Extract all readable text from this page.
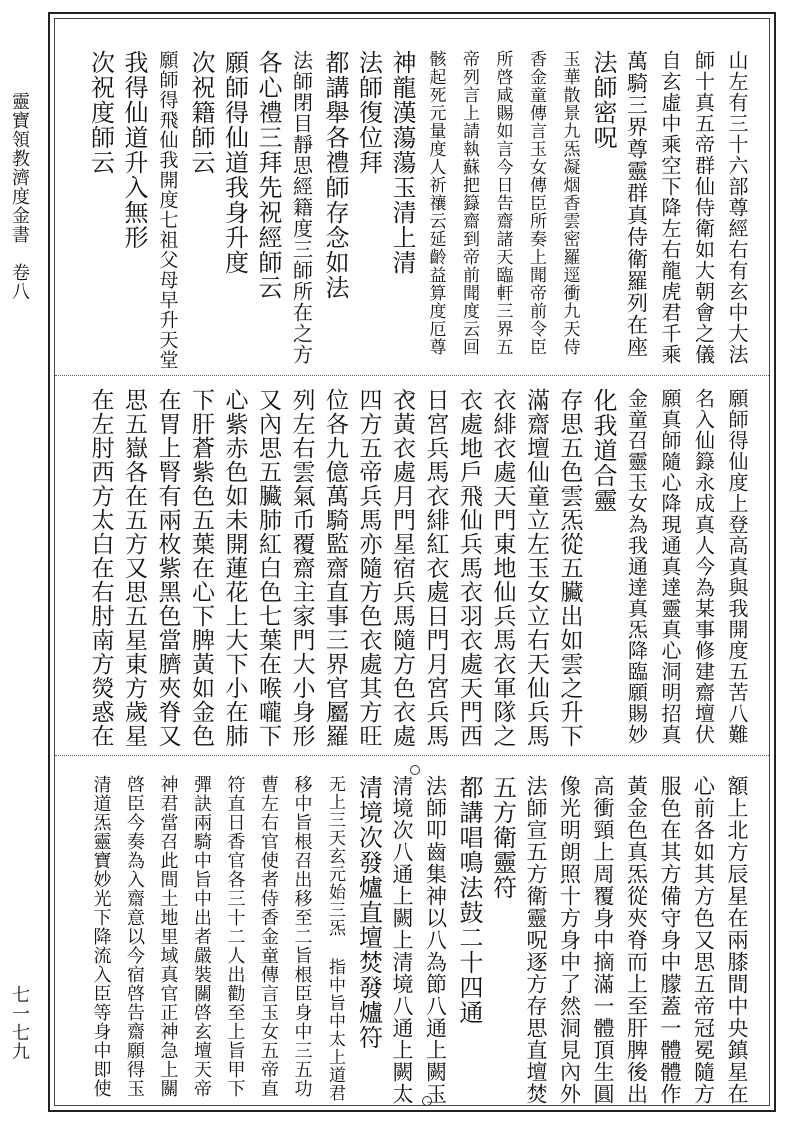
靈寶領教濟度金書　卷八
七一七九
山左有三十六部尊經右有玄中大法
師十真五帝群仙侍衛如大朝會之儀
自玄虛中乘空下降左右龍虎君千乘
萬騎三界尊靈群真侍衛羅列在座
法師密呪
玉華散景九炁凝烟香雲密羅逕衝九天侍
香金童傳言玉女傳臣所奏上聞帝前令臣
所啓咸賜如言今日告齋諸天臨軒三界五
帝列言上請執蘇把籙齋到帝前聞度云回
骸起死元量度人祈禳云延齡益算度厄尊
神龍漢蕩蕩玉清上清
法師復位拜
都講舉各禮師存念如法
法師閉目靜思經籍度三師所在之方
各心禮三拜先祝經師云
願師得仙道我身升度
次祝籍師云
願師得飛仙我開度七祖父母早升天堂
我得仙道升入無形
次祝度師云
願師得仙度上登高真與我開度五苦八難
名入仙籙永成真人今為某事修建齋壇伏
願真師隨心降現通真達靈真心洞明招真
金童召靈玉女為我通達真炁降臨願賜妙
化我道合靈
存思五色雲炁從五臟出如雲之升下
滿齋壇仙童立左玉女立右天仙兵馬
衣緋衣處天門東地仙兵馬衣軍隊之
衣處地戶飛仙兵馬衣羽衣處天門西
日宮兵馬衣緋紅衣處日門月宮兵馬
衣黃衣處月門星宿兵馬隨方色衣處
四方五帝兵馬亦隨方色衣處其方旺
位各九億萬騎監齋直事三界官屬羅
列左右雲氣币覆齋主家門大小身形
又內思五臟肺紅白色七葉在喉嚨下
心紫赤色如未開蓮花上大下小在肺
下肝蒼紫色五葉在心下脾黃如金色
在胃上腎有兩枚紫黑色當臍夾脊又
思五嶽各在五方又思五星東方歲星
在左肘西方太白在右肘南方熒惑在
額上北方辰星在兩膝間中央鎮星在
心前各如其方色又思五帝冠冕隨方
服色在其方備守身中朦蓋一體體作
黃金色真炁從夾脊而上至肝脾後出
高衝頸上周覆身中摘滿一體頂生圓
像光明朗照十方身中了然洞見內外
法師宣五方衛靈呪逐方存思直壇焚
五方衛靈符
都講唱鳴法鼓二十四通
法師叩齒集神以八為節八通上闕玉
清境次八通上闕上清境八通上闕太
清境次發爐直壇焚發爐符
无上三天玄元始三炁 指中旨中太上道君
移中旨根召出移至二旨根臣身中三五功
曹左右官使者侍香金童傳言玉女五帝直
符直日香官各三十二人出勸至上旨甲下
彈訣兩騎中旨中出者嚴裝關啓玄壇天帝
神君當召此間土地里域真官正神急上關
啓臣今奏為入齋意以今宿啓告齋願得玉
清道炁靈寶妙光下降流入臣等身中即使
